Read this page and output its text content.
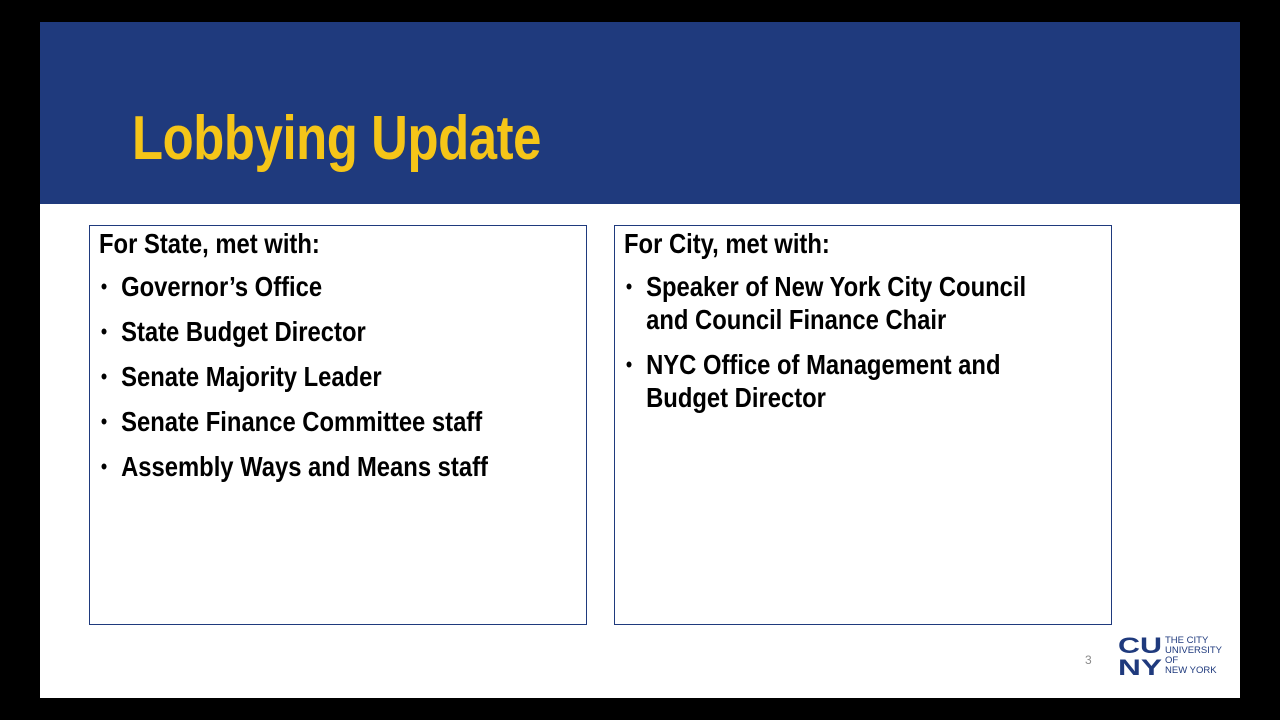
Lobbying Update
For State, met with:
• Governor’s Office
• State Budget Director
• Senate Majority Leader
• Senate Finance Committee staff
• Assembly Ways and Means staff
For City, met with:
• Speaker of New York City Council and Council Finance Chair
• NYC Office of Management and Budget Director
3
CU
NY
THE CITY
UNIVERSITY
OF
NEW YORK
